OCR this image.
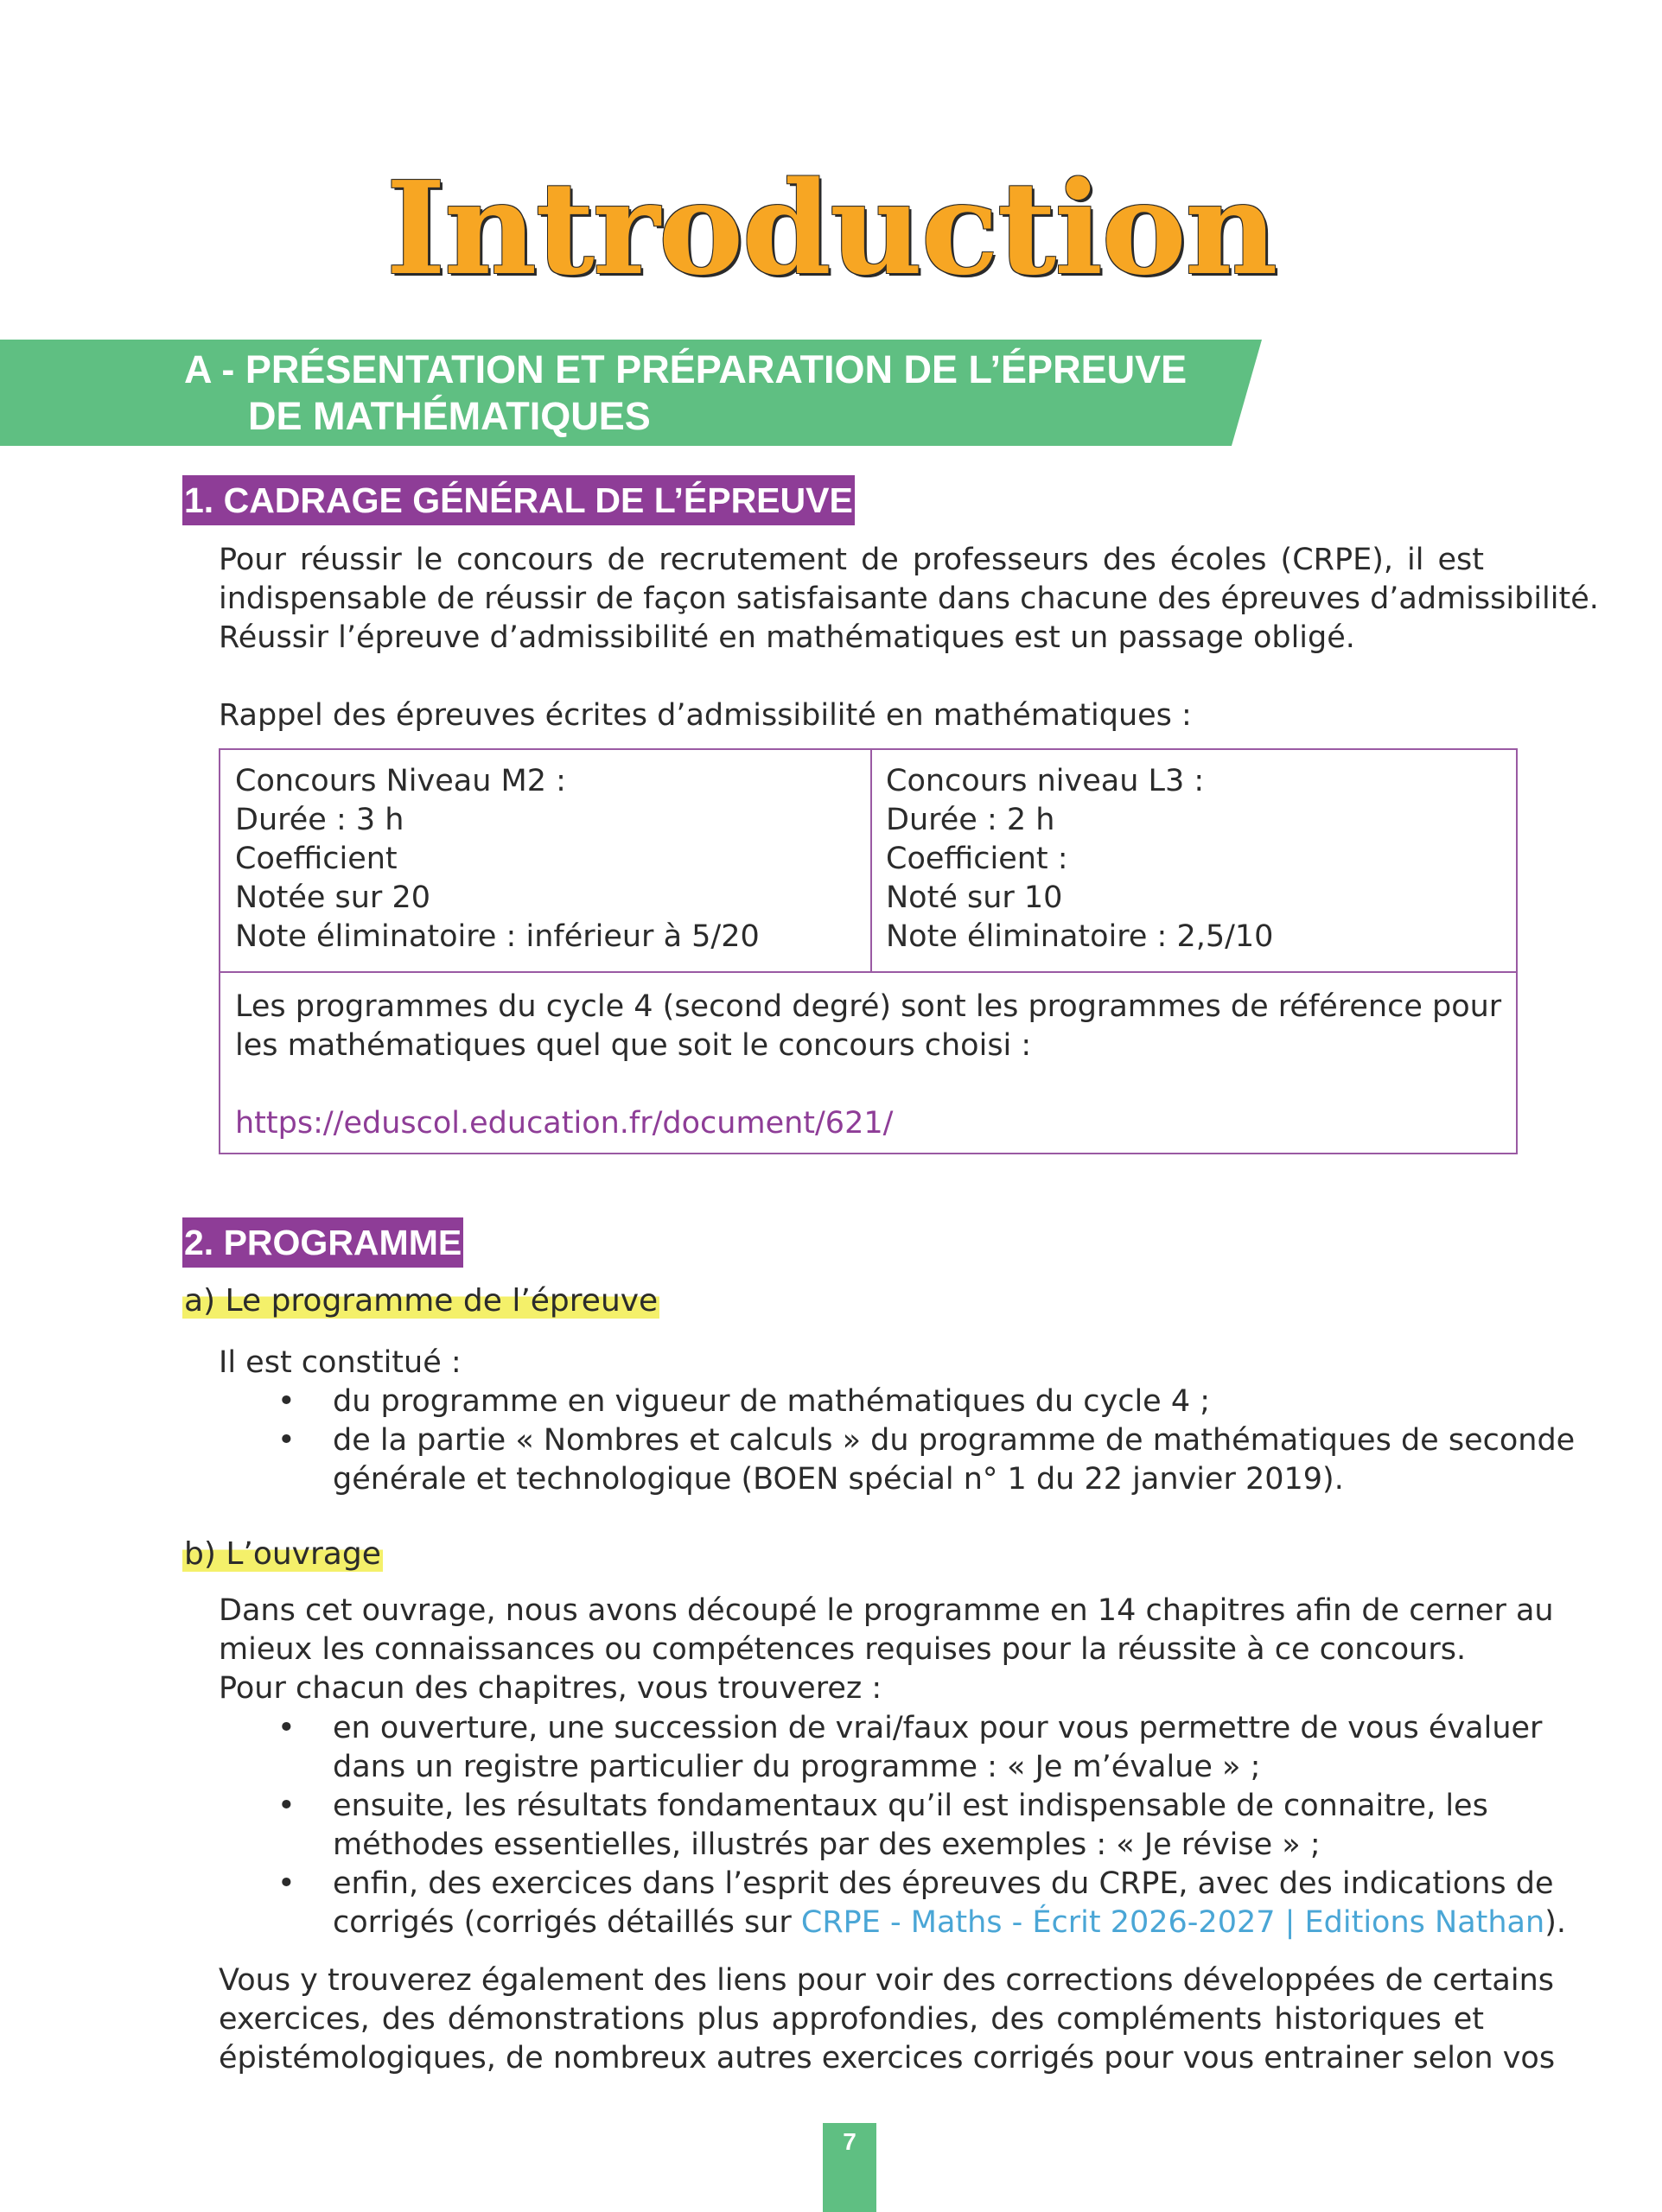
Introduction
A - PRÉSENTATION ET PRÉPARATION DE L’ÉPREUVE
DE MATHÉMATIQUES
1. CADRAGE GÉNÉRAL DE L’ÉPREUVE
Pour réussir le concours de recrutement de professeurs des écoles (CRPE), il est
indispensable de réussir de façon satisfaisante dans chacune des épreuves d’admissibilité.
Réussir l’épreuve d’admissibilité en mathématiques est un passage obligé.
Rappel des épreuves écrites d’admissibilité en mathématiques :
Concours Niveau M2 :
Durée : 3 h
Coefficient
Notée sur 20
Note éliminatoire : inférieur à 5/20
Concours niveau L3 :
Durée : 2 h
Coefficient :
Noté sur 10
Note éliminatoire : 2,5/10
Les programmes du cycle 4 (second degré) sont les programmes de référence pour
les mathématiques quel que soit le concours choisi :
https://eduscol.education.fr/document/621/
2. PROGRAMME
a) Le programme de l’épreuve
Il est constitué :
• du programme en vigueur de mathématiques du cycle 4 ;
• de la partie « Nombres et calculs » du programme de mathématiques de seconde
générale et technologique (BOEN spécial n° 1 du 22 janvier 2019).
b) L’ouvrage
Dans cet ouvrage, nous avons découpé le programme en 14 chapitres afin de cerner au
mieux les connaissances ou compétences requises pour la réussite à ce concours.
Pour chacun des chapitres, vous trouverez :
• en ouverture, une succession de vrai/faux pour vous permettre de vous évaluer
dans un registre particulier du programme : « Je m’évalue » ;
• ensuite, les résultats fondamentaux qu’il est indispensable de connaitre, les
méthodes essentielles, illustrés par des exemples : « Je révise » ;
• enfin, des exercices dans l’esprit des épreuves du CRPE, avec des indications de
corrigés (corrigés détaillés sur CRPE - Maths - Écrit 2026-2027 | Editions Nathan).
Vous y trouverez également des liens pour voir des corrections développées de certains
exercices, des démonstrations plus approfondies, des compléments historiques et
épistémologiques, de nombreux autres exercices corrigés pour vous entrainer selon vos
7
